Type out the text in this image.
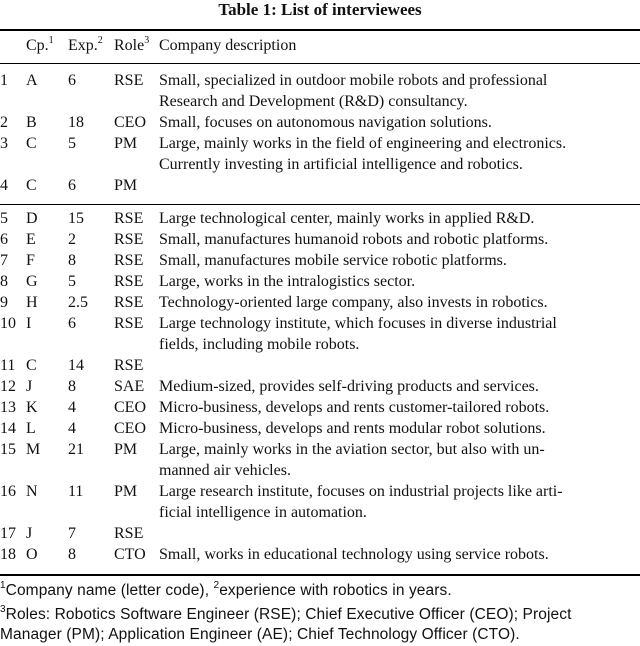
Table 1: List of interviewees
Cp.$^1$ Exp.$^2$ Role$^3$ Company description
1 A 6 RSE Small, specialized in outdoor mobile robots and professional
Research and Development (R&D) consultancy.
2 B 18 CEO Small, focuses on autonomous navigation solutions.
3 C 5 PM Large, mainly works in the field of engineering and electronics.
Currently investing in artificial intelligence and robotics.
4 C 6 PM
5 D 15 RSE Large technological center, mainly works in applied R&D.
6 E 2 RSE Small, manufactures humanoid robots and robotic platforms.
7 F 8 RSE Small, manufactures mobile service robotic platforms.
8 G 5 RSE Large, works in the intralogistics sector.
9 H 2.5 RSE Technology-oriented large company, also invests in robotics.
10 I 6 RSE Large technology institute, which focuses in diverse industrial
fields, including mobile robots.
11 C 14 RSE
12 J 8 SAE Medium-sized, provides self-driving products and services.
13 K 4 CEO Micro-business, develops and rents customer-tailored robots.
14 L 4 CEO Micro-business, develops and rents modular robot solutions.
15 M 21 PM Large, mainly works in the aviation sector, but also with un-
manned air vehicles.
16 N 11 PM Large research institute, focuses on industrial projects like arti-
ficial intelligence in automation.
17 J 7 RSE
18 O 8 CTO Small, works in educational technology using service robots.
$^1$Company name (letter code), $^2$experience with robotics in years.
$^3$Roles: Robotics Software Engineer (RSE); Chief Executive Officer (CEO); Project
Manager (PM); Application Engineer (AE); Chief Technology Officer (CTO).
